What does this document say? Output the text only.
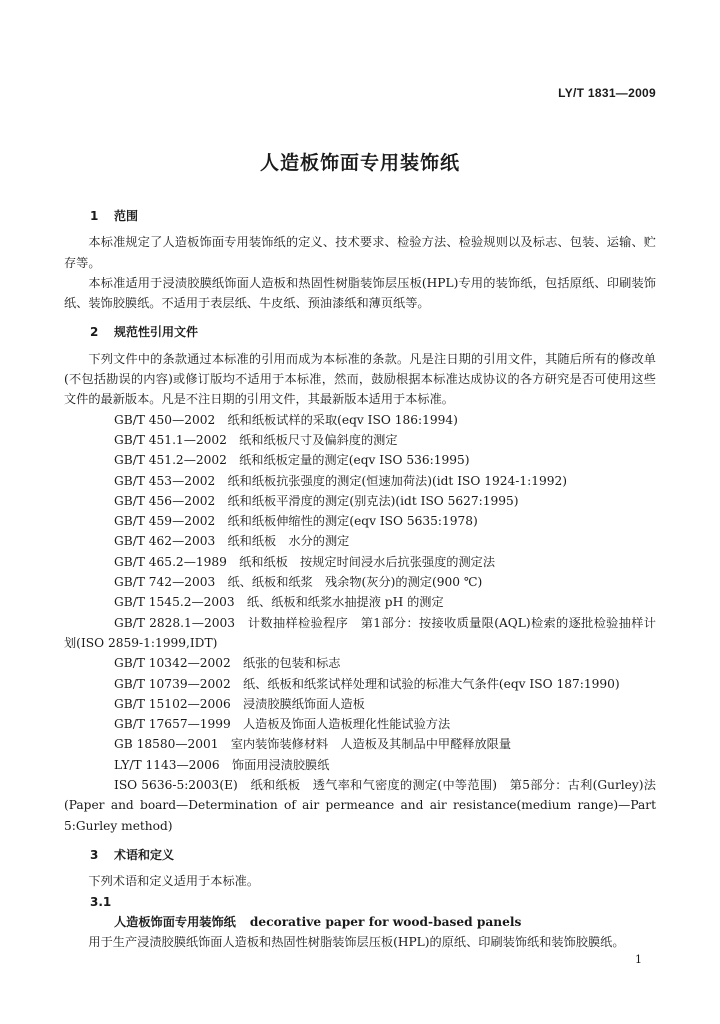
LY/T 1831—2009
人造板饰面专用装饰纸
1 范围
本标准规定了人造板饰面专用装饰纸的定义、技术要求、检验方法、检验规则以及标志、包装、运输、贮存等。
本标准适用于浸渍胶膜纸饰面人造板和热固性树脂装饰层压板(HPL)专用的装饰纸，包括原纸、印刷装饰纸、装饰胶膜纸。不适用于表层纸、牛皮纸、预油漆纸和薄页纸等。
2 规范性引用文件
下列文件中的条款通过本标准的引用而成为本标准的条款。凡是注日期的引用文件，其随后所有的修改单(不包括勘误的内容)或修订版均不适用于本标准，然而，鼓励根据本标准达成协议的各方研究是否可使用这些文件的最新版本。凡是不注日期的引用文件，其最新版本适用于本标准。
GB/T 450—2002　纸和纸板试样的采取(eqv ISO 186:1994)
GB/T 451.1—2002　纸和纸板尺寸及偏斜度的测定
GB/T 451.2—2002　纸和纸板定量的测定(eqv ISO 536:1995)
GB/T 453—2002　纸和纸板抗张强度的测定(恒速加荷法)(idt ISO 1924-1:1992)
GB/T 456—2002　纸和纸板平滑度的测定(别克法)(idt ISO 5627:1995)
GB/T 459—2002　纸和纸板伸缩性的测定(eqv ISO 5635:1978)
GB/T 462—2003　纸和纸板　水分的测定
GB/T 465.2—1989　纸和纸板　按规定时间浸水后抗张强度的测定法
GB/T 742—2003　纸、纸板和纸浆　残余物(灰分)的测定(900 ℃)
GB/T 1545.2—2003　纸、纸板和纸浆水抽提液 pH 的测定
GB/T 2828.1—2003　计数抽样检验程序　第1部分：按接收质量限(AQL)检索的逐批检验抽样计划(ISO 2859-1:1999,IDT)
GB/T 10342—2002　纸张的包装和标志
GB/T 10739—2002　纸、纸板和纸浆试样处理和试验的标准大气条件(eqv ISO 187:1990)
GB/T 15102—2006　浸渍胶膜纸饰面人造板
GB/T 17657—1999　人造板及饰面人造板理化性能试验方法
GB 18580—2001　室内装饰装修材料　人造板及其制品中甲醛释放限量
LY/T 1143—2006　饰面用浸渍胶膜纸
ISO 5636-5:2003(E)　纸和纸板　透气率和气密度的测定(中等范围)　第5部分：古利(Gurley)法(Paper and board—Determination of air permeance and air resistance(medium range)—Part 5:Gurley method)
3 术语和定义
下列术语和定义适用于本标准。
3.1
人造板饰面专用装饰纸 decorative paper for wood-based panels
用于生产浸渍胶膜纸饰面人造板和热固性树脂装饰层压板(HPL)的原纸、印刷装饰纸和装饰胶膜纸。
1
